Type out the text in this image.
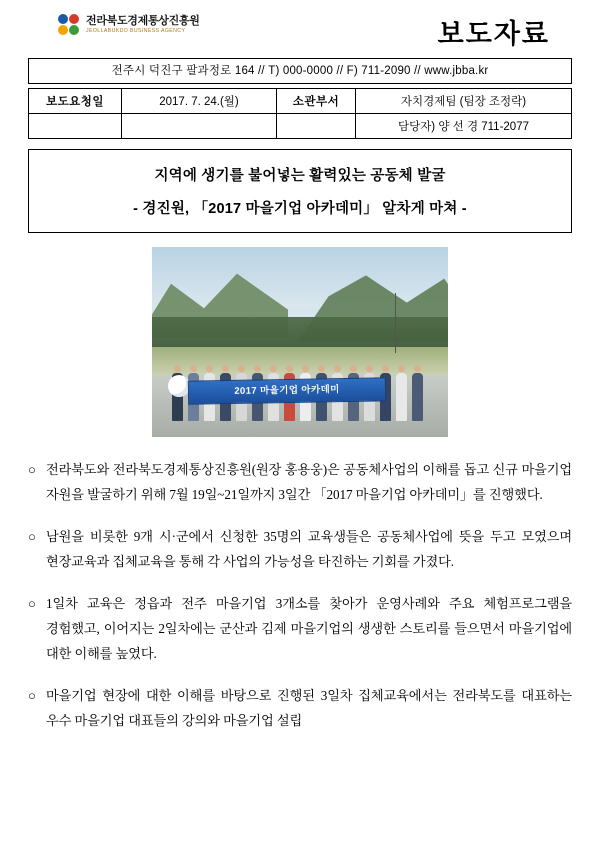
전라북도경제통상진흥원
JEOLLABUKDO BUSINESS AGENCY	보도자료
전주시 덕진구 팔과정로 164 // T) 000-0000 // F) 711-2090 // www.jbba.kr
보도요청일	2017. 7. 24.(월)	소관부서	자치경제팀 (팀장 조정락)
			담당자) 양 선 경 711-2077
지역에 생기를 불어넣는 활력있는 공동체 발굴
- 경진원, 「2017 마을기업 아카데미」 알차게 마쳐 -
2017 마을기업 아카데미
○ 전라북도와 전라북도경제통상진흥원(원장 홍용웅)은 공동체사업의 이해를 돕고 신규 마을기업 자원을 발굴하기 위해 7월 19일~21일까지 3일간 「2017 마을기업 아카데미」를 진행했다.
○ 남원을 비롯한 9개 시·군에서 신청한 35명의 교육생들은 공동체사업에 뜻을 두고 모였으며 현장교육과 집체교육을 통해 각 사업의 가능성을 타진하는 기회를 가졌다.
○ 1일차 교육은 정읍과 전주 마을기업 3개소를 찾아가 운영사례와 주요 체험프로그램을 경험했고, 이어지는 2일차에는 군산과 김제 마을기업의 생생한 스토리를 들으면서 마을기업에 대한 이해를 높였다.
○ 마을기업 현장에 대한 이해를 바탕으로 진행된 3일차 집체교육에서는 전라북도를 대표하는 우수 마을기업 대표들의 강의와 마을기업 설립
